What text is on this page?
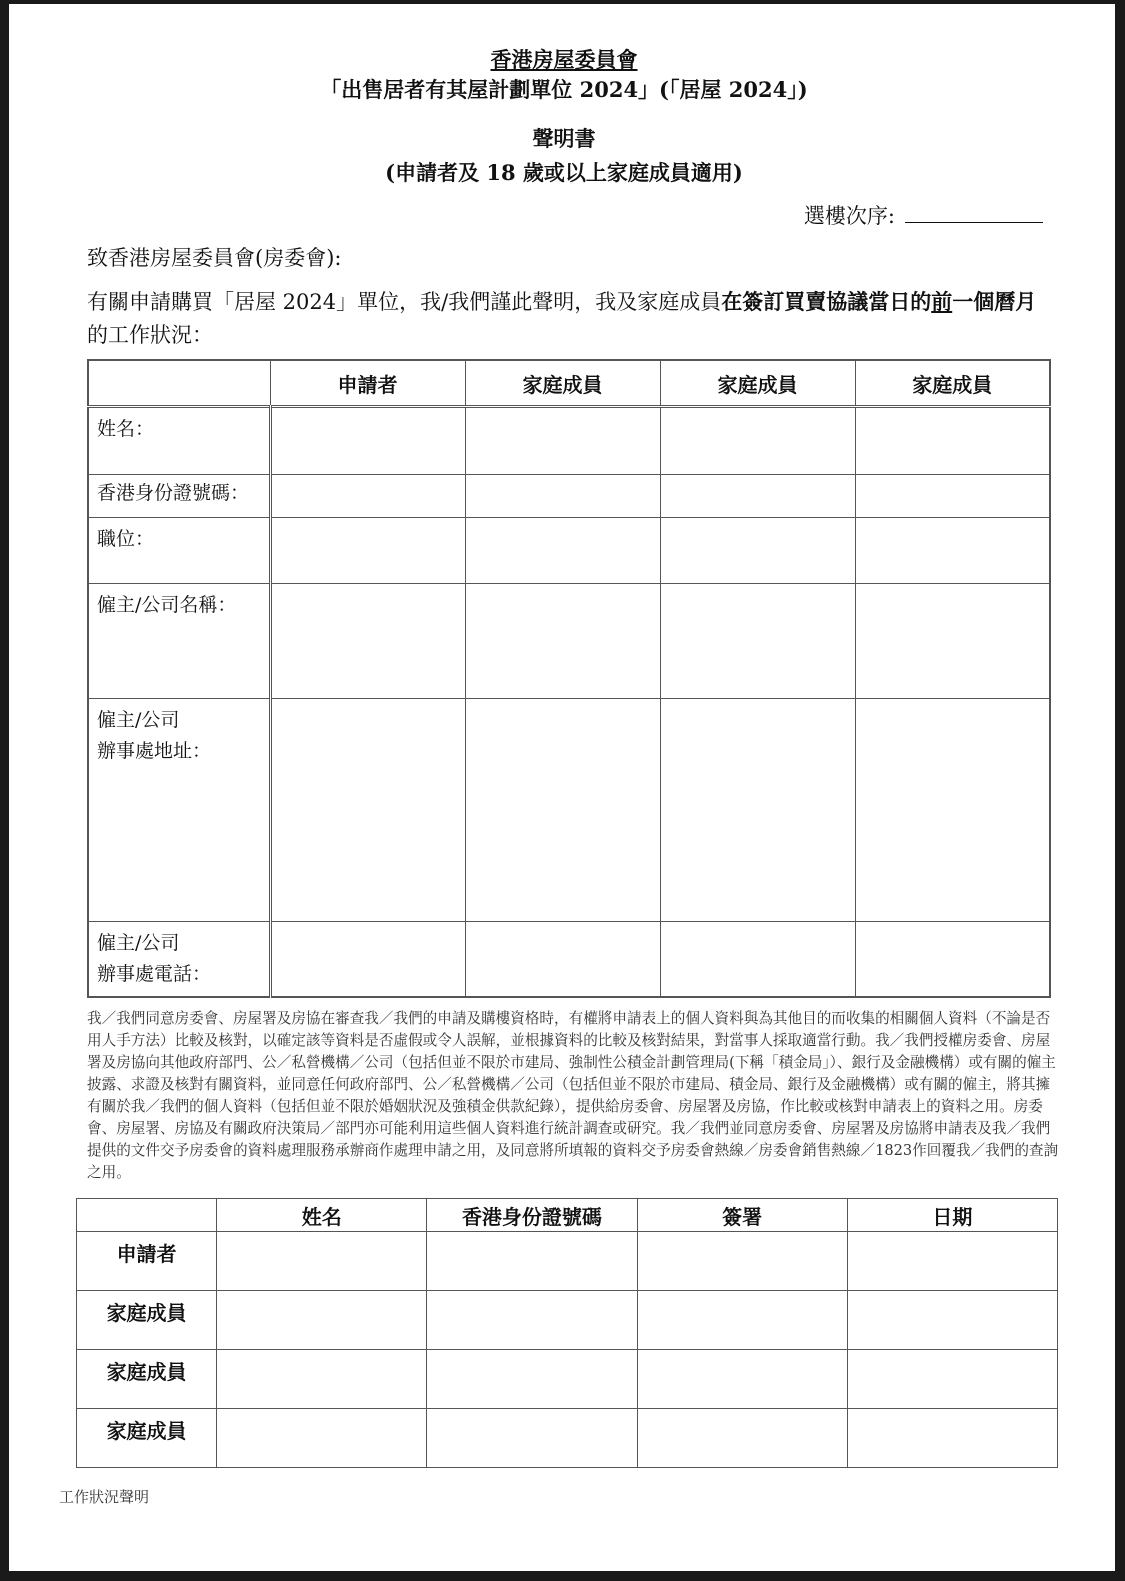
香港房屋委員會
「出售居者有其屋計劃單位 2024」(「居屋 2024」)
聲明書
(申請者及 18 歲或以上家庭成員適用)
選樓次序:
致香港房屋委員會(房委會):
有關申請購買「居屋 2024」單位，我/我們謹此聲明，我及家庭成員在簽訂買賣協議當日的前一個曆月的工作狀況：
	申請者	家庭成員	家庭成員	家庭成員

姓名：				

香港身份證號碼：				

職位：				

僱主/公司名稱：				

僱主/公司
辦事處地址：				

僱主/公司
辦事處電話：				

我／我們同意房委會、房屋署及房協在審查我／我們的申請及購樓資格時，有權將申請表上的個人資料與為其他目的而收集的相關個人資料（不論是否用人手方法）比較及核對，以確定該等資料是否虛假或令人誤解，並根據資料的比較及核對結果，對當事人採取適當行動。我／我們授權房委會、房屋署及房協向其他政府部門、公／私營機構／公司（包括但並不限於市建局、強制性公積金計劃管理局(下稱「積金局」）、銀行及金融機構）或有關的僱主披露、求證及核對有關資料，並同意任何政府部門、公／私營機構／公司（包括但並不限於市建局、積金局、銀行及金融機構）或有關的僱主，將其擁有關於我／我們的個人資料（包括但並不限於婚姻狀況及強積金供款紀錄），提供給房委會、房屋署及房協，作比較或核對申請表上的資料之用。房委會、房屋署、房協及有關政府決策局／部門亦可能利用這些個人資料進行統計調查或研究。我／我們並同意房委會、房屋署及房協將申請表及我／我們提供的文件交予房委會的資料處理服務承辦商作處理申請之用，及同意將所填報的資料交予房委會熱線／房委會銷售熱線／1823作回覆我／我們的查詢之用。
	姓名	香港身份證號碼	簽署	日期
申請者				
家庭成員				
家庭成員				
家庭成員				
工作狀況聲明
